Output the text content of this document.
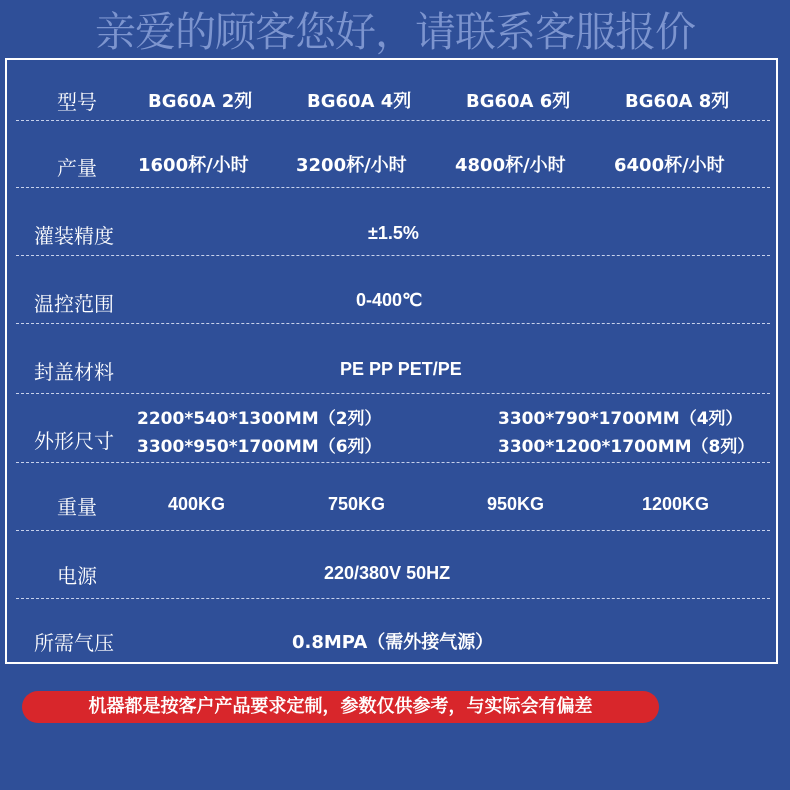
亲爱的顾客您好，请联系客服报价
型号	BG60A 2列	BG60A 4列	BG60A 6列	BG60A 8列
产量 1600杯/小时	3200杯/小时	4800杯/小时	6400杯/小时
灌装精度	±1.5%
温控范围	0-400℃
封盖材料	PE PP PET/PE
外形尺寸
2200*540*1300MM（2列）	3300*790*1700MM（4列）
3300*950*1700MM（6列）	3300*1200*1700MM（8列）
重量	400KG	750KG	950KG	1200KG
电源	220/380V 50HZ
所需气压	0.8MPA（需外接气源）
机器都是按客户产品要求定制，参数仅供参考，与实际会有偏差
